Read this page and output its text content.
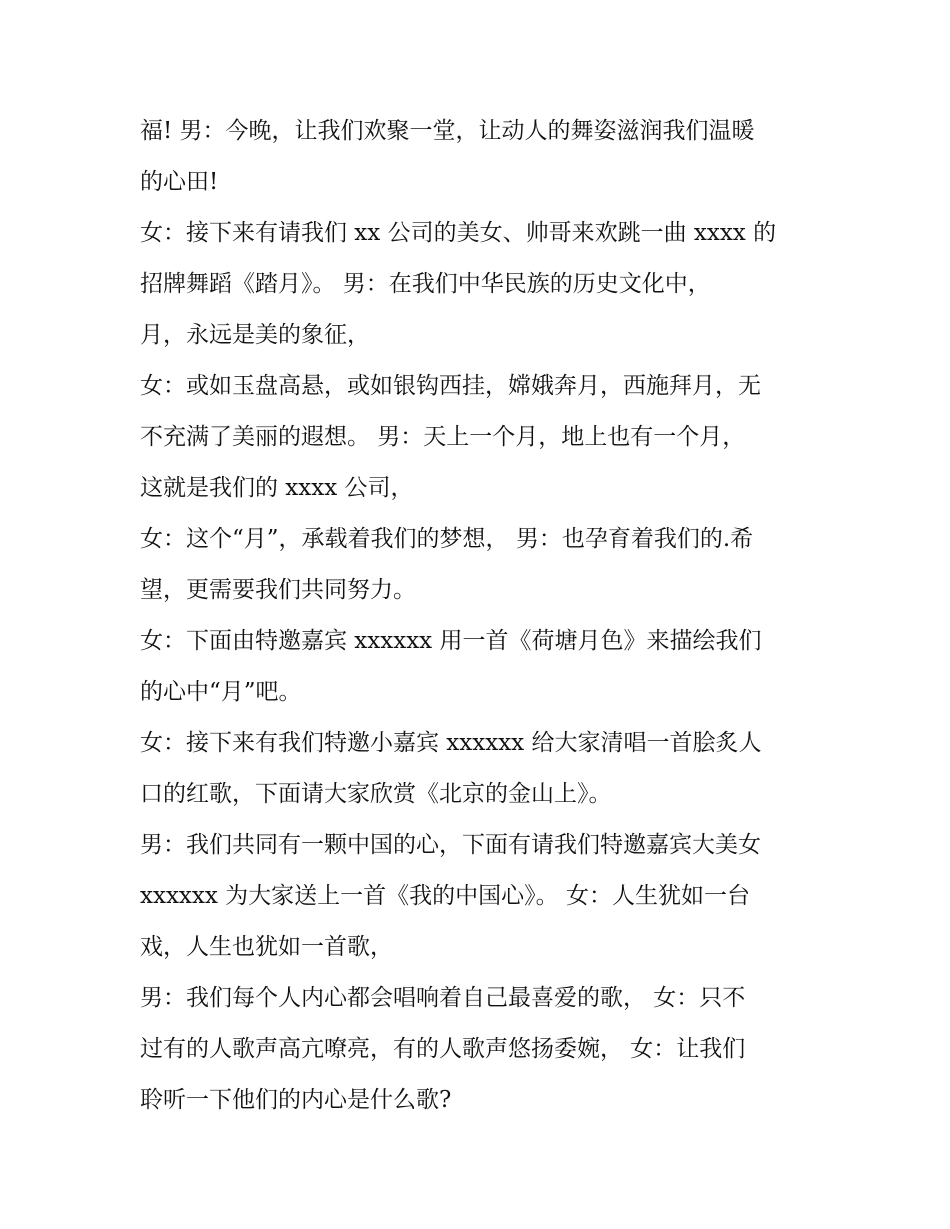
福! 男：今晚，让我们欢聚一堂，让动人的舞姿滋润我们温暖
的心田!
女：接下来有请我们 xx 公司的美女、帅哥来欢跳一曲 xxxx 的
招牌舞蹈《踏月》。 男：在我们中华民族的历史文化中，
月，永远是美的象征，
女：或如玉盘高悬，或如银钩西挂，嫦娥奔月，西施拜月，无
不充满了美丽的遐想。 男：天上一个月，地上也有一个月，
这就是我们的 xxxx 公司，
女：这个“月”，承载着我们的梦想， 男：也孕育着我们的.希
望，更需要我们共同努力。
女：下面由特邀嘉宾 xxxxxx 用一首《荷塘月色》来描绘我们
的心中“月”吧。
女：接下来有我们特邀小嘉宾 xxxxxx 给大家清唱一首脍炙人
口的红歌，下面请大家欣赏《北京的金山上》。
男：我们共同有一颗中国的心，下面有请我们特邀嘉宾大美女
xxxxxx 为大家送上一首《我的中国心》。 女：人生犹如一台
戏，人生也犹如一首歌，
男：我们每个人内心都会唱响着自己最喜爱的歌， 女：只不
过有的人歌声高亢嘹亮，有的人歌声悠扬委婉， 女：让我们
聆听一下他们的内心是什么歌?
